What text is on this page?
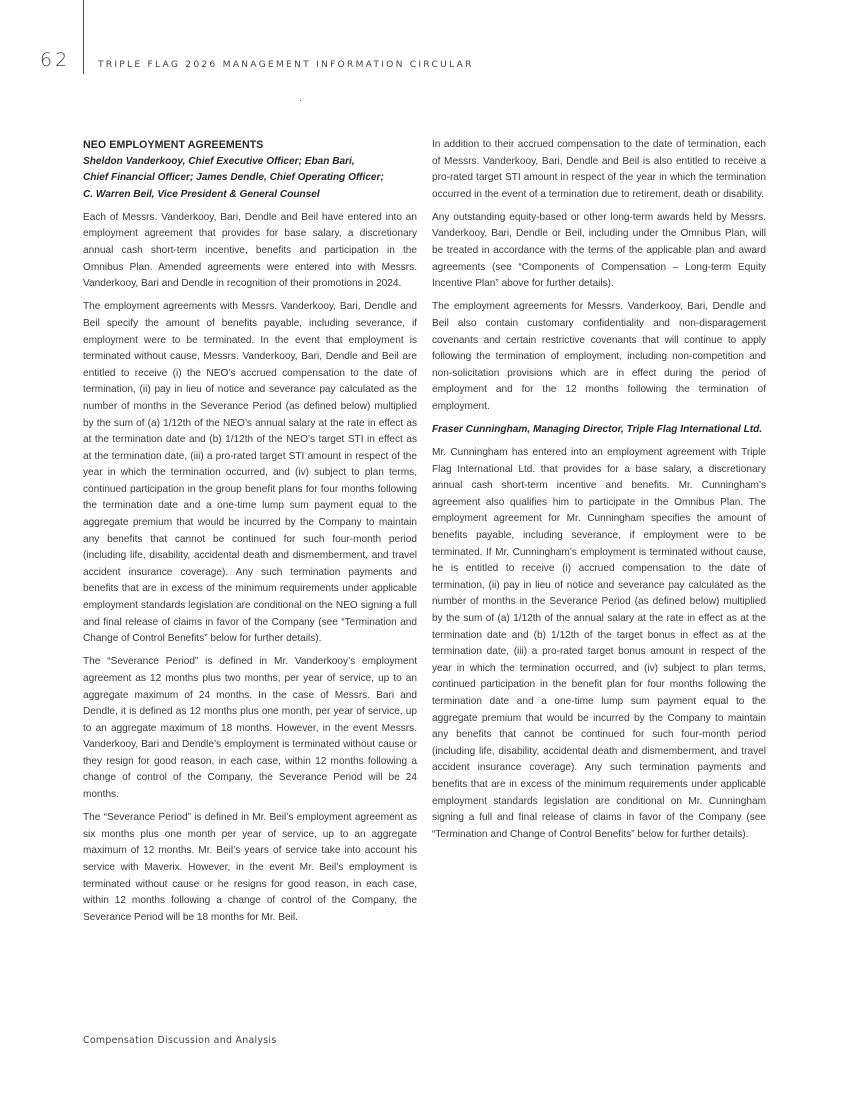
62	TRIPLE FLAG 2026 MANAGEMENT INFORMATION CIRCULAR
NEO EMPLOYMENT AGREEMENTS
Sheldon Vanderkooy, Chief Executive Officer; Eban Bari,
Chief Financial Officer; James Dendle, Chief Operating Officer;
C. Warren Beil, Vice President & General Counsel

Each of Messrs. Vanderkooy, Bari, Dendle and Beil have entered into an employment agreement that provides for base salary, a discretionary annual cash short-term incentive, benefits and participation in the Omnibus Plan. Amended agreements were entered into with Messrs. Vanderkooy, Bari and Dendle in recognition of their promotions in 2024.

The employment agreements with Messrs. Vanderkooy, Bari, Dendle and Beil specify the amount of benefits payable, including severance, if employment were to be terminated. In the event that employment is terminated without cause, Messrs. Vanderkooy, Bari, Dendle and Beil are entitled to receive (i) the NEO’s accrued compensation to the date of termination, (ii) pay in lieu of notice and severance pay calculated as the number of months in the Severance Period (as defined below) multiplied by the sum of (a) 1/12th of the NEO’s annual salary at the rate in effect as at the termination date and (b) 1/12th of the NEO’s target STI in effect as at the termination date, (iii) a pro-rated target STI amount in respect of the year in which the termination occurred, and (iv) subject to plan terms, continued participation in the group benefit plans for four months following the termination date and a one-time lump sum payment equal to the aggregate premium that would be incurred by the Company to maintain any benefits that cannot be continued for such four-month period (including life, disability, accidental death and dismemberment, and travel accident insurance coverage). Any such termination payments and benefits that are in excess of the minimum requirements under applicable employment standards legislation are conditional on the NEO signing a full and final release of claims in favor of the Company (see “Termination and Change of Control Benefits” below for further details).

The “Severance Period” is defined in Mr. Vanderkooy’s employment agreement as 12 months plus two months, per year of service, up to an aggregate maximum of 24 months. In the case of Messrs. Bari and Dendle, it is defined as 12 months plus one month, per year of service, up to an aggregate maximum of 18 months. However, in the event Messrs. Vanderkooy, Bari and Dendle’s employment is terminated without cause or they resign for good reason, in each case, within 12 months following a change of control of the Company, the Severance Period will be 24 months.

The “Severance Period” is defined in Mr. Beil’s employment agreement as six months plus one month per year of service, up to an aggregate maximum of 12 months. Mr. Beil’s years of service take into account his service with Maverix. However, in the event Mr. Beil’s employment is terminated without cause or he resigns for good reason, in each case, within 12 months following a change of control of the Company, the Severance Period will be 18 months for Mr. Beil.

In addition to their accrued compensation to the date of termination, each of Messrs. Vanderkooy, Bari, Dendle and Beil is also entitled to receive a pro-rated target STI amount in respect of the year in which the termination occurred in the event of a termination due to retirement, death or disability.

Any outstanding equity-based or other long-term awards held by Messrs. Vanderkooy, Bari, Dendle or Beil, including under the Omnibus Plan, will be treated in accordance with the terms of the applicable plan and award agreements (see “Components of Compensation – Long-term Equity Incentive Plan” above for further details).

The employment agreements for Messrs. Vanderkooy, Bari, Dendle and Beil also contain customary confidentiality and non-disparagement covenants and certain restrictive covenants that will continue to apply following the termination of employment, including non-competition and non-solicitation provisions which are in effect during the period of employment and for the 12 months following the termination of employment.

Fraser Cunningham, Managing Director, Triple Flag International Ltd.

Mr. Cunningham has entered into an employment agreement with Triple Flag International Ltd. that provides for a base salary, a discretionary annual cash short-term incentive and benefits. Mr. Cunningham’s agreement also qualifies him to participate in the Omnibus Plan. The employment agreement for Mr. Cunningham specifies the amount of benefits payable, including severance, if employment were to be terminated. If Mr. Cunningham’s employment is terminated without cause, he is entitled to receive (i) accrued compensation to the date of termination, (ii) pay in lieu of notice and severance pay calculated as the number of months in the Severance Period (as defined below) multiplied by the sum of (a) 1/12th of the annual salary at the rate in effect as at the termination date and (b) 1/12th of the target bonus in effect as at the termination date, (iii) a pro-rated target bonus amount in respect of the year in which the termination occurred, and (iv) subject to plan terms, continued participation in the benefit plan for four months following the termination date and a one-time lump sum payment equal to the aggregate premium that would be incurred by the Company to maintain any benefits that cannot be continued for such four-month period (including life, disability, accidental death and dismemberment, and travel accident insurance coverage). Any such termination payments and benefits that are in excess of the minimum requirements under applicable employment standards legislation are conditional on Mr. Cunningham signing a full and final release of claims in favor of the Company (see “Termination and Change of Control Benefits” below for further details).

Compensation Discussion and Analysis
